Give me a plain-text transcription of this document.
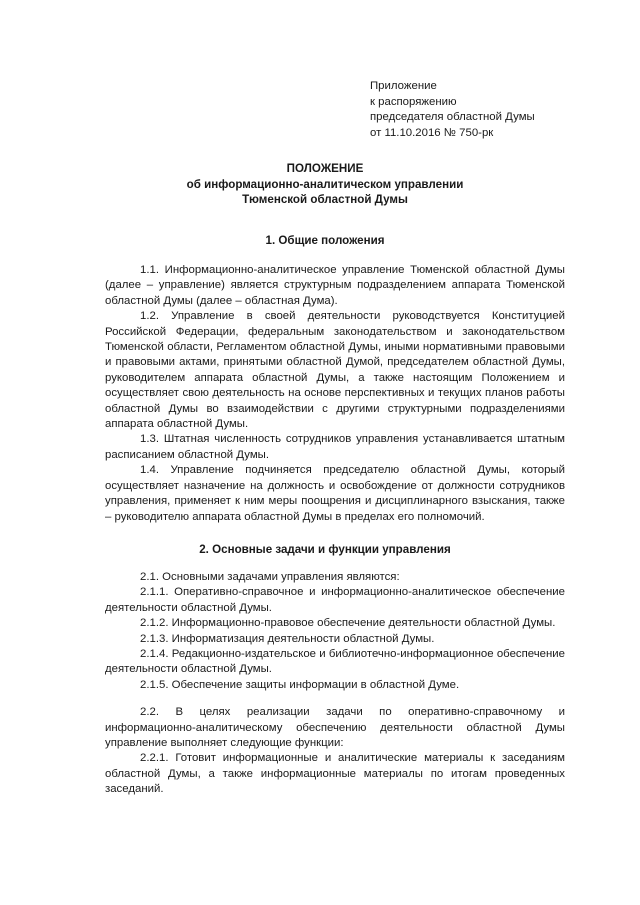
Приложение
к распоряжению
председателя областной Думы
от 11.10.2016 № 750-рк
ПОЛОЖЕНИЕ
об информационно-аналитическом управлении
Тюменской областной Думы
1. Общие положения

1.1. Информационно-аналитическое управление Тюменской областной Думы (далее – управление) является структурным подразделением аппарата Тюменской областной Думы (далее – областная Дума).

1.2. Управление в своей деятельности руководствуется Конституцией Российской Федерации, федеральным законодательством и законодательством Тюменской области, Регламентом областной Думы, иными нормативными правовыми и правовыми актами, принятыми областной Думой, председателем областной Думы, руководителем аппарата областной Думы, а также настоящим Положением и осуществляет свою деятельность на основе перспективных и текущих планов работы областной Думы во взаимодействии с другими структурными подразделениями аппарата областной Думы.

1.3. Штатная численность сотрудников управления устанавливается штатным расписанием областной Думы.

1.4. Управление подчиняется председателю областной Думы, который осуществляет назначение на должность и освобождение от должности сотрудников управления, применяет к ним меры поощрения и дисциплинарного взыскания, также – руководителю аппарата областной Думы в пределах его полномочий.

2. Основные задачи и функции управления

2.1. Основными задачами управления являются:

2.1.1. Оперативно-справочное и информационно-аналитическое обеспечение деятельности областной Думы.

2.1.2. Информационно-правовое обеспечение деятельности областной Думы.

2.1.3. Информатизация деятельности областной Думы.

2.1.4. Редакционно-издательское и библиотечно-информационное обеспечение деятельности областной Думы.

2.1.5. Обеспечение защиты информации в областной Думе.

2.2. В целях реализации задачи по оперативно-справочному и информационно-аналитическому обеспечению деятельности областной Думы управление выполняет следующие функции:

2.2.1. Готовит информационные и аналитические материалы к заседаниям областной Думы, а также информационные материалы по итогам проведенных заседаний.
